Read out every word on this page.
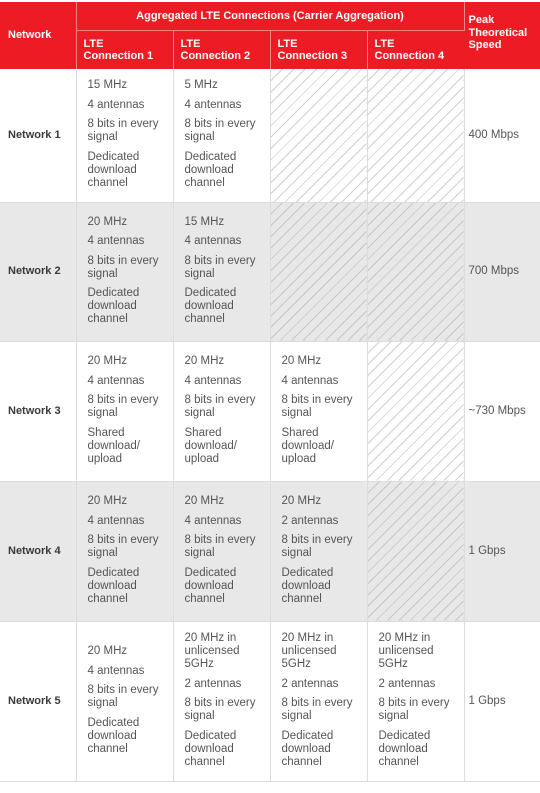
Network	Aggregated LTE Connections (Carrier Aggregation)				Peak Theoretical Speed
	LTE Connection 1	LTE Connection 2	LTE Connection 3	LTE Connection 4	
Network 1	15 MHz
4 antennas
8 bits in every signal
Dedicated download channel	5 MHz
4 antennas
8 bits in every signal
Dedicated download channel			400 Mbps
Network 2	20 MHz
4 antennas
8 bits in every signal
Dedicated download channel	15 MHz
4 antennas
8 bits in every signal
Dedicated download channel			700 Mbps
Network 3	20 MHz
4 antennas
8 bits in every signal
Shared download/ upload	20 MHz
4 antennas
8 bits in every signal
Shared download/ upload	20 MHz
4 antennas
8 bits in every signal
Shared download/ upload		~730 Mbps
Network 4	20 MHz
4 antennas
8 bits in every signal
Dedicated download channel	20 MHz
4 antennas
8 bits in every signal
Dedicated download channel	20 MHz
2 antennas
8 bits in every signal
Dedicated download channel		1 Gbps
Network 5	20 MHz
4 antennas
8 bits in every signal
Dedicated download channel	20 MHz in unlicensed 5GHz
2 antennas
8 bits in every signal
Dedicated download channel	20 MHz in unlicensed 5GHz
2 antennas
8 bits in every signal
Dedicated download channel	20 MHz in unlicensed 5GHz
2 antennas
8 bits in every signal
Dedicated download channel	1 Gbps
